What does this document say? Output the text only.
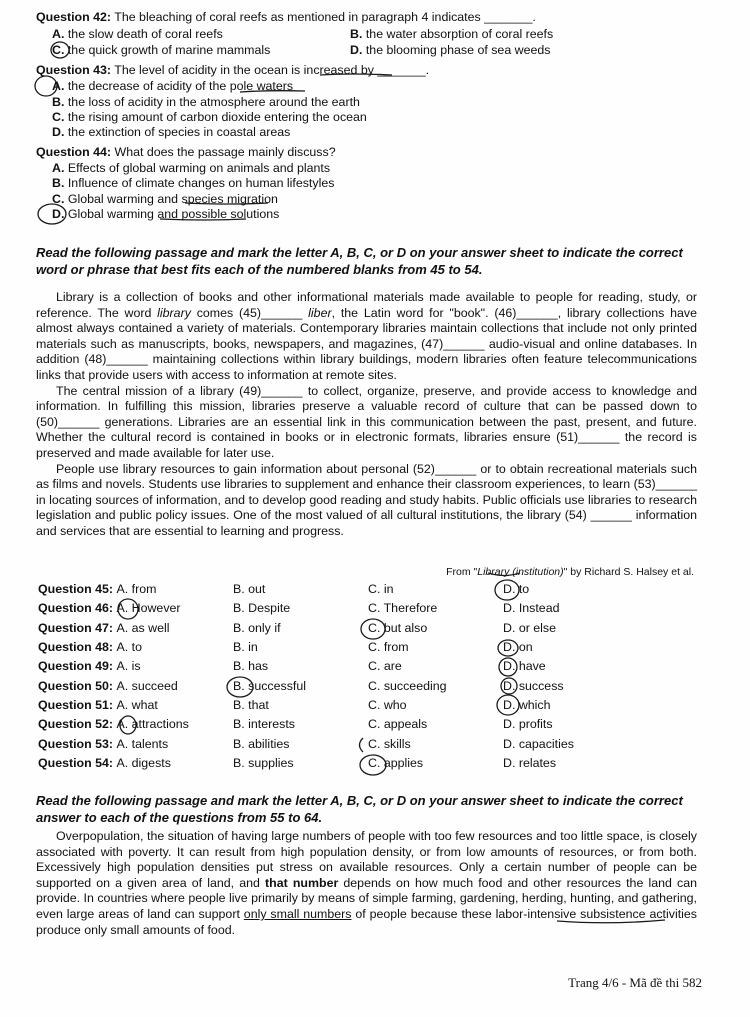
Question 42: The bleaching of coral reefs as mentioned in paragraph 4 indicates _______.
A. the slow death of coral reefs	B. the water absorption of coral reefs
C. the quick growth of marine mammals	D. the blooming phase of sea weeds
Question 43: The level of acidity in the ocean is increased by _______.
A. the decrease of acidity of the pole waters
B. the loss of acidity in the atmosphere around the earth
C. the rising amount of carbon dioxide entering the ocean
D. the extinction of species in coastal areas
Question 44: What does the passage mainly discuss?
A. Effects of global warming on animals and plants
B. Influence of climate changes on human lifestyles
C. Global warming and species migration
D. Global warming and possible solutions
Read the following passage and mark the letter A, B, C, or D on your answer sheet to indicate the correct word or phrase that best fits each of the numbered blanks from 45 to 54.

Library is a collection of books and other informational materials made available to people for reading, study, or reference. The word library comes (45)______ liber, the Latin word for "book". (46)______, library collections have almost always contained a variety of materials. Contemporary libraries maintain collections that include not only printed materials such as manuscripts, books, newspapers, and magazines, (47)______ audio-visual and online databases. In addition (48)______ maintaining collections within library buildings, modern libraries often feature telecommunications links that provide users with access to information at remote sites.

The central mission of a library (49)______ to collect, organize, preserve, and provide access to knowledge and information. In fulfilling this mission, libraries preserve a valuable record of culture that can be passed down to (50)______ generations. Libraries are an essential link in this communication between the past, present, and future. Whether the cultural record is contained in books or in electronic formats, libraries ensure (51)______ the record is preserved and made available for later use.

People use library resources to gain information about personal (52)______ or to obtain recreational materials such as films and novels. Students use libraries to supplement and enhance their classroom experiences, to learn (53)______ in locating sources of information, and to develop good reading and study habits. Public officials use libraries to research legislation and public policy issues. One of the most valued of all cultural institutions, the library (54) ______ information and services that are essential to learning and progress.

From "Library (institution)" by Richard S. Halsey et al.
Question 45: A. from	B. out	C. in	D. to
Question 46: A. However	B. Despite	C. Therefore	D. Instead
Question 47: A. as well	B. only if	C. but also	D. or else
Question 48: A. to	B. in	C. from	D. on
Question 49: A. is	B. has	C. are	D. have
Question 50: A. succeed	B. successful	C. succeeding	D. success
Question 51: A. what	B. that	C. who	D. which
Question 52: A. attractions	B. interests	C. appeals	D. profits
Question 53: A. talents	B. abilities	C. skills	D. capacities
Question 54: A. digests	B. supplies	C. applies	D. relates
Read the following passage and mark the letter A, B, C, or D on your answer sheet to indicate the correct answer to each of the questions from 55 to 64.

Overpopulation, the situation of having large numbers of people with too few resources and too little space, is closely associated with poverty. It can result from high population density, or from low amounts of resources, or from both. Excessively high population densities put stress on available resources. Only a certain number of people can be supported on a given area of land, and that number depends on how much food and other resources the land can provide. In countries where people live primarily by means of simple farming, gardening, herding, hunting, and gathering, even large areas of land can support only small numbers of people because these labor-intensive subsistence activities produce only small amounts of food.

Trang 4/6 - Mã đề thi 582
